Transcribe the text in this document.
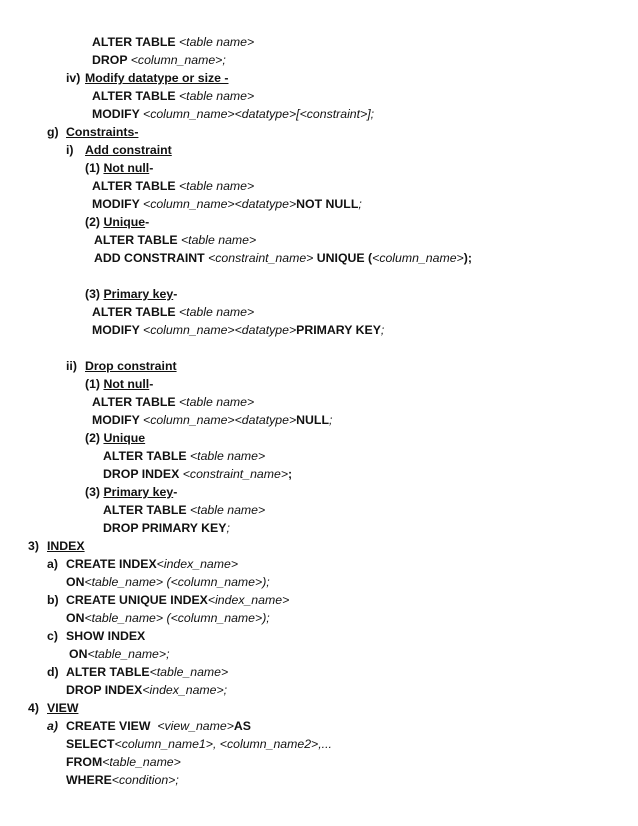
ALTER TABLE <table name>
DROP <column_name>;
iv) Modify datatype or size -
ALTER TABLE <table name>
MODIFY <column_name><datatype>[<constraint>];
g) Constraints-
i) Add constraint
(1) Not null-
ALTER TABLE <table name>
MODIFY <column_name><datatype>NOT NULL;
(2) Unique-
ALTER TABLE <table name>
ADD CONSTRAINT <constraint_name> UNIQUE (<column_name>);
(3) Primary key-
ALTER TABLE <table name>
MODIFY <column_name><datatype>PRIMARY KEY;
ii) Drop constraint
(1) Not null-
ALTER TABLE <table name>
MODIFY <column_name><datatype>NULL;
(2) Unique
ALTER TABLE <table name>
DROP INDEX <constraint_name>;
(3) Primary key-
ALTER TABLE <table name>
DROP PRIMARY KEY;
3) INDEX
a) CREATE INDEX<index_name>
ON<table_name> (<column_name>);
b) CREATE UNIQUE INDEX<index_name>
ON<table_name> (<column_name>);
c) SHOW INDEX
ON<table_name>;
d) ALTER TABLE<table_name>
DROP INDEX<index_name>;
4) VIEW
a) CREATE VIEW  <view_name>AS
SELECT<column_name1>, <column_name2>,...
FROM<table_name>
WHERE<condition>;
